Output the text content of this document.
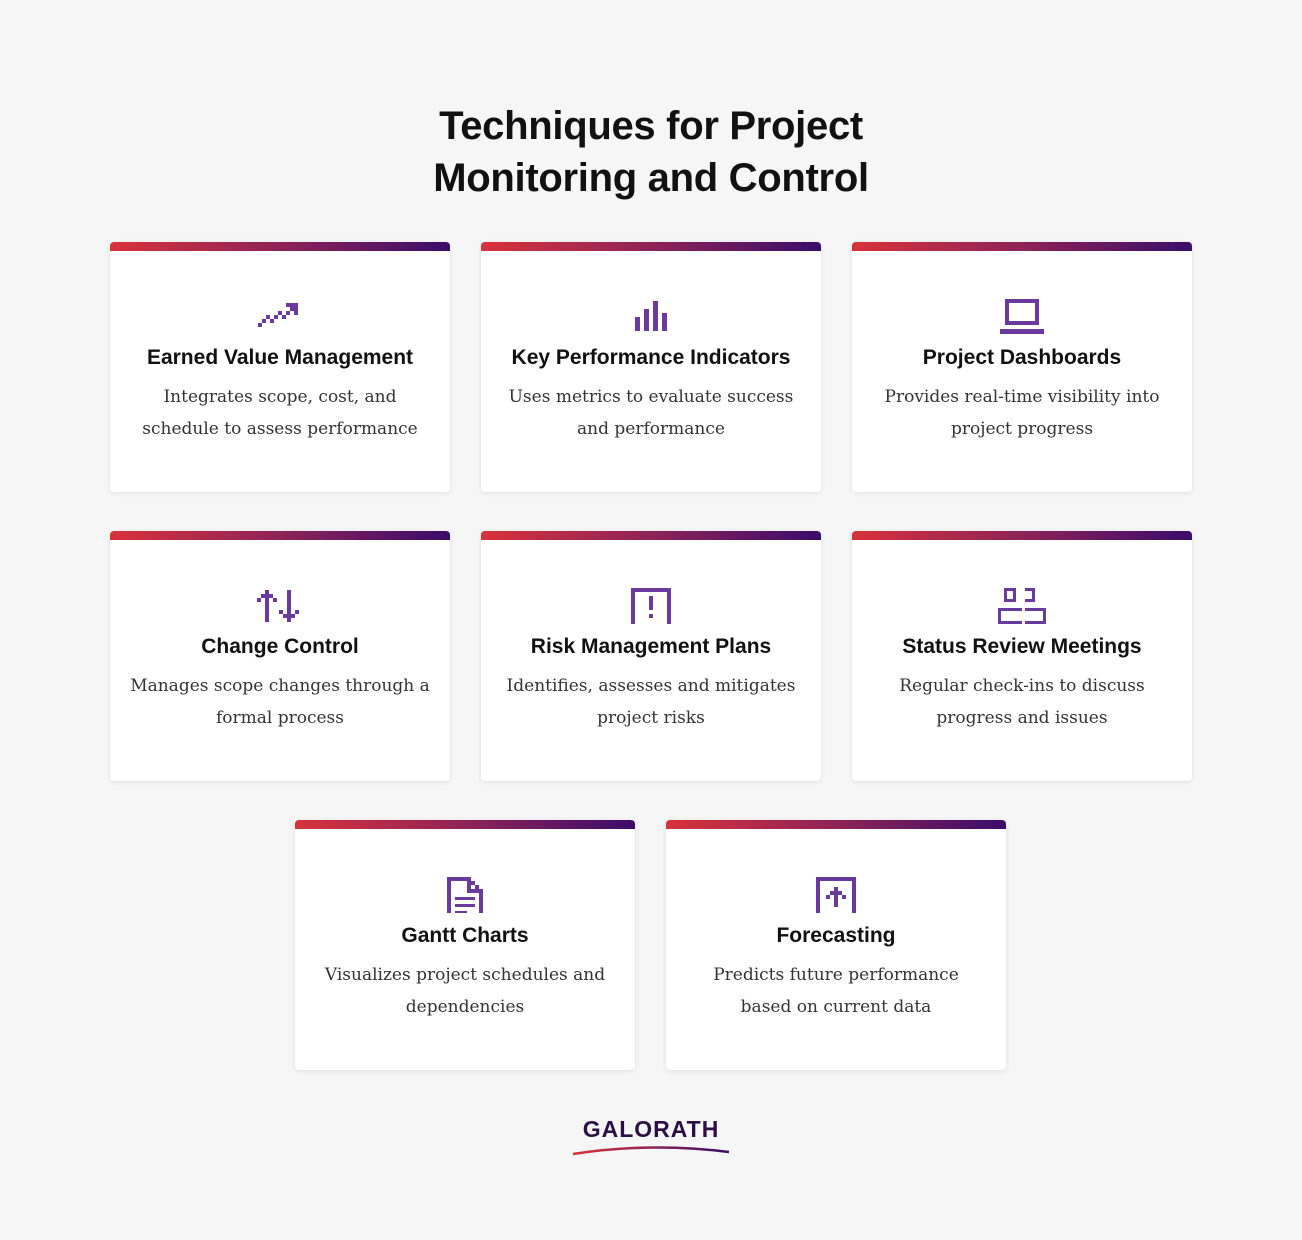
Techniques for Project
Monitoring and Control
Earned Value Management
Integrates scope, cost, and schedule to assess performance
Key Performance Indicators
Uses metrics to evaluate success and performance
Project Dashboards
Provides real-time visibility into project progress
Change Control
Manages scope changes through a formal process
Risk Management Plans
Identifies, assesses and mitigates project risks
Status Review Meetings
Regular check-ins to discuss progress and issues
Gantt Charts
Visualizes project schedules and dependencies
Forecasting
Predicts future performance based on current data
GALORATH
